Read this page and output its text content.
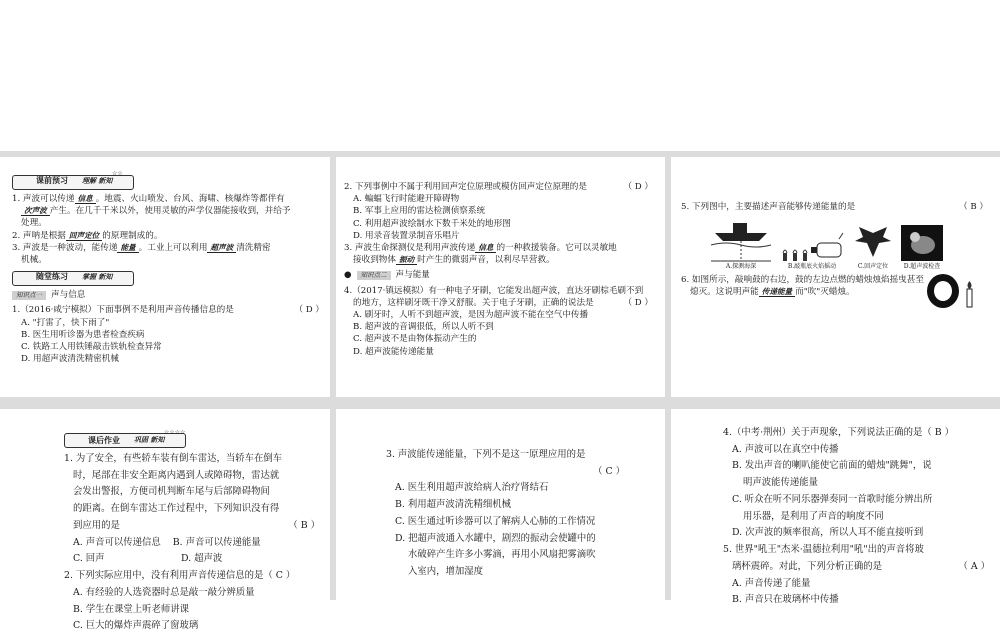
课前预习 理解 新知
☆☆

1. 声波可以传递 信息 。地震、火山喷发、台风、海啸、核爆炸等都伴有

次声波 产生。在几千千米以外，使用灵敏的声学仪器能接收到，并给予

处理。

2. 声呐是根据 回声定位 的原理制成的。

3. 声波是一种波动，能传递 能量 。工业上可以利用 超声波 清洗精密

机械。

随堂练习 掌握 新知
知识点一	声与信息

1.（2016·咸宁模拟）下面事例不是利用声音传播信息的是	（ D ）

A. "打雷了，快下雨了"

B. 医生用听诊器为患者检查疾病

C. 铁路工人用铁锤敲击铁轨检查异常

D. 用超声波清洗精密机械

2. 下列事例中不属于利用回声定位原理或模仿回声定位原理的是	（ D ）

A. 蝙蝠飞行时能避开障碍物

B. 军事上应用的雷达检测侦察系统

C. 利用超声波绘制水下数千米处的地形图

D. 用录音装置录制音乐唱片

3. 声波生命探测仪是利用声波传递 信息 的一种救援装备。它可以灵敏地

接收到物体 振动 时产生的微弱声音，以利尽早营救。

●	知识点二	声与能量

4.（2017·镇远模拟）有一种电子牙刷，它能发出超声波，直达牙刷棕毛刷不到

的地方，这样刷牙既干净又舒服。关于电子牙刷，正确的说法是	（ D ）

A. 刷牙时，人听不到超声波，是因为超声波不能在空气中传播

B. 超声波的音调很低，所以人听不到

C. 超声波不是由物体振动产生的

D. 超声波能传递能量

5. 下列图中，主要描述声音能够传递能量的是	（ B ）

A.探测海深	B.敲瓶底火焰摇动	C.回声定位	D.超声波检查

6. 如图所示，敲响鼓的右边，鼓的左边点燃的蜡烛烛焰摇曳甚至

熄灭。这说明声能 传递能量 而"吹"灭蜡烛。

课后作业 巩固 新知
☆☆☆☆

1. 为了安全，有些轿车装有倒车雷达，当轿车在倒车

时，尾部在非安全距离内遇到人或障碍物，雷达就

会发出警报，方便司机判断车尾与后部障碍物间

的距离。在倒车雷达工作过程中，下列知识没有得

到应用的是	（ B ）

A. 声音可以传递信息 B. 声音可以传递能量

C. 回声	D. 超声波

2. 下列实际应用中，没有利用声音传递信息的是（ C ）

A. 有经验的人选瓷器时总是敲一敲分辨质量

B. 学生在课堂上听老师讲课

C. 巨大的爆炸声震碎了窗玻璃

3. 声波能传递能量，下列不是这一原理应用的是

（ C ）

A. 医生利用超声波给病人治疗肾结石

B. 利用超声波清洗精细机械

C. 医生通过听诊器可以了解病人心肺的工作情况

D. 把超声波通入水罐中，剧烈的振动会使罐中的

水破碎产生许多小雾滴，再用小风扇把雾滴吹

入室内，增加湿度

4.（中考·荆州）关于声现象，下列说法正确的是（ B ）

A. 声波可以在真空中传播

B. 发出声音的喇叭能使它前面的蜡烛"跳舞"，说

明声波能传递能量

C. 听众在听不同乐器弹奏同一首歌时能分辨出所

用乐器，是利用了声音的响度不同

D. 次声波的频率很高，所以人耳不能直接听到

5. 世界"吼王"杰米·温德拉利用"吼"出的声音将玻

璃杯震碎。对此，下列分析正确的是	（ A ）

A. 声音传递了能量

B. 声音只在玻璃杯中传播
